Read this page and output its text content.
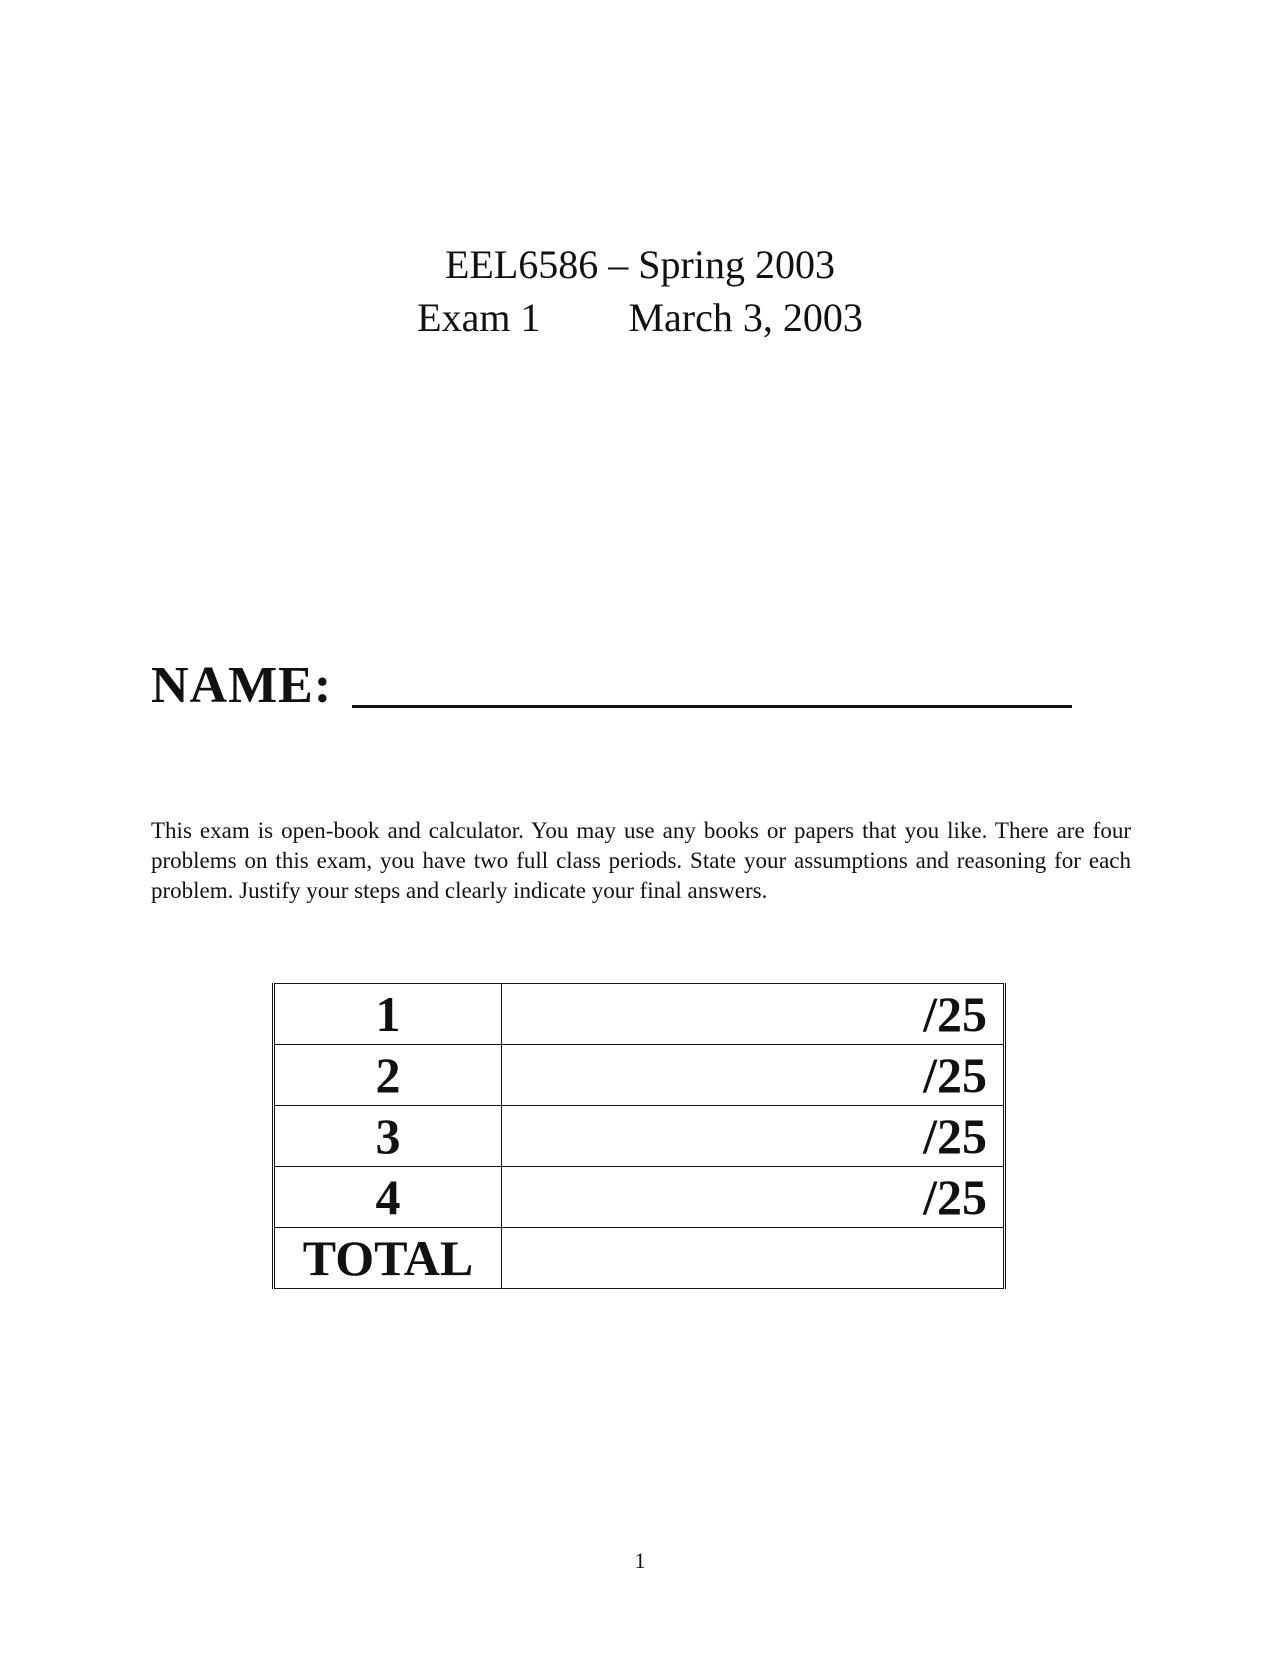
EEL6586 – Spring 2003
Exam 1 March 3, 2003
NAME:
This exam is open-book and calculator. You may use any books or papers that you like. There are four problems on this exam, you have two full class periods. State your assumptions and reasoning for each problem. Justify your steps and clearly indicate your final answers.
1	/25
2	/25
3	/25
4	/25
TOTAL	
1
